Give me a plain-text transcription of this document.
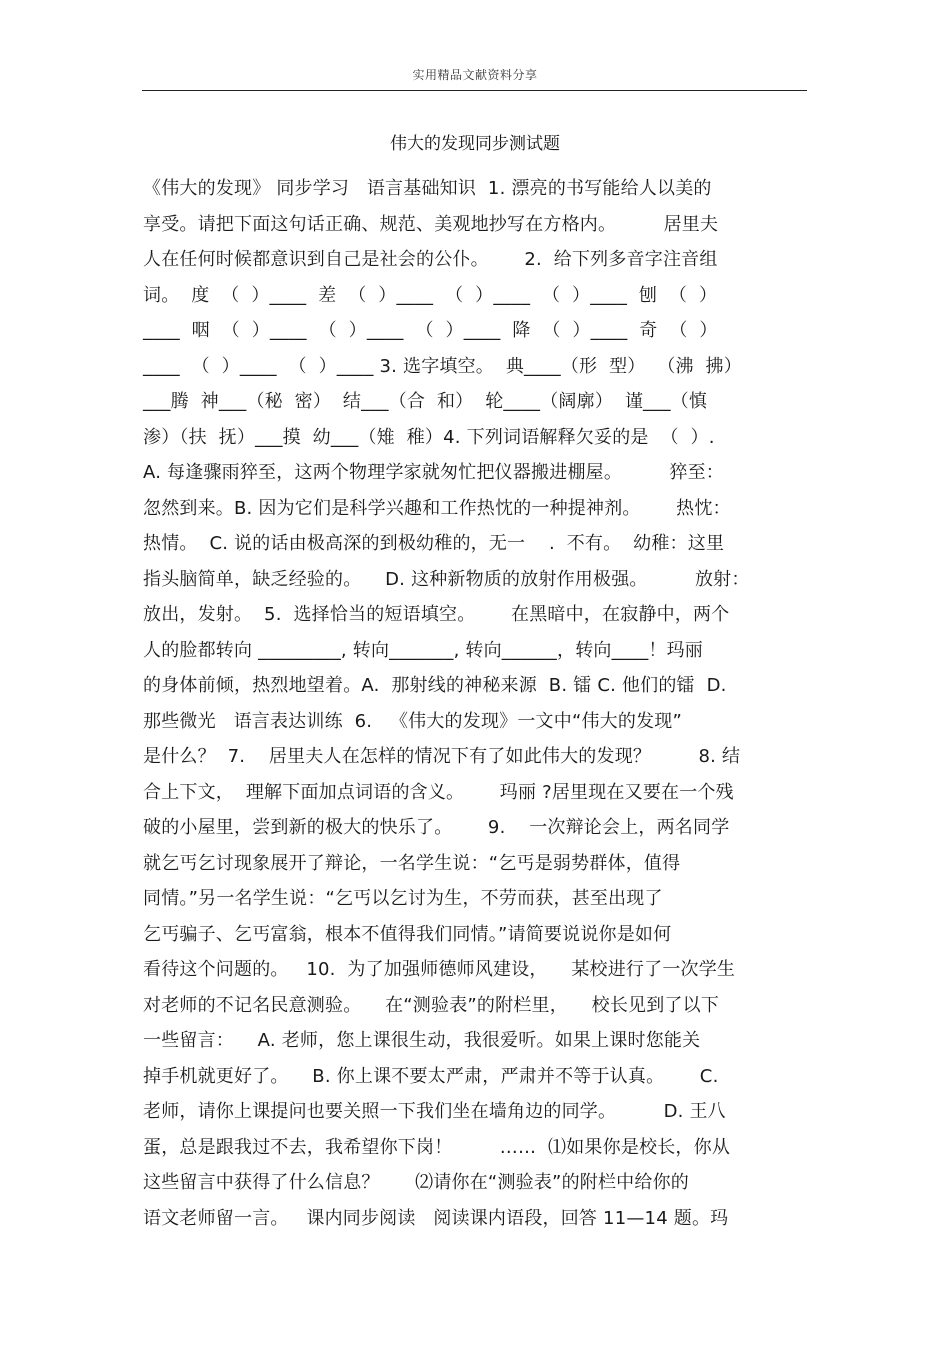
实用精品文献资料分享
伟大的发现同步测试题
《伟大的发现》 同步学习   语言基础知识  1. 漂亮的书写能给人以美的
享受。请把下面这句话正确、规范、美观地抄写在方格内。        居里夫
人在任何时候都意识到自己是社会的公仆。      2.  给下列多音字注音组
词。  度  （  ）____  差  （  ）____  （  ）____  （  ）____  刨  （  ）
____  咽  （  ）____  （  ）____  （  ）____  降  （  ）____  奇  （  ）
____  （  ）____  （  ）____ 3. 选字填空。  典____（形  型）  （沸  拂）
___腾  神___（秘  密）  结___（合  和）  轮____（阔廓）  谨___（慎
渗）（扶  抚）___摸  幼___（雉  稚）4. 下列词语解释欠妥的是  （  ）.
A. 每逢骤雨猝至，这两个物理学家就匆忙把仪器搬进棚屋。        猝至：
忽然到来。B. 因为它们是科学兴趣和工作热忱的一种提神剂。      热忱：
热情。  C. 说的话由极高深的到极幼稚的，无一    .  不有。  幼稚：这里
指头脑简单，缺乏经验的。    D. 这种新物质的放射作用极强。        放射：
放出，发射。  5.  选择恰当的短语填空。      在黑暗中，在寂静中，两个
人的脸都转向 _________, 转向_______, 转向______，转向____！玛丽
的身体前倾，热烈地望着。A.  那射线的神秘来源  B. 镭 C. 他们的镭  D.
那些微光   语言表达训练  6.   《伟大的发现》一文中“伟大的发现”
是什么？  7.    居里夫人在怎样的情况下有了如此伟大的发现？        8. 结
合上下文，  理解下面加点词语的含义。      玛丽 ?居里现在又要在一个残
破的小屋里，尝到新的极大的快乐了。      9.    一次辩论会上，两名同学
就乞丐乞讨现象展开了辩论，一名学生说：“乞丐是弱势群体，值得
同情。”另一名学生说：“乞丐以乞讨为生，不劳而获，甚至出现了
乞丐骗子、乞丐富翁，根本不值得我们同情。”请简要说说你是如何
看待这个问题的。   10.  为了加强师德师风建设，    某校进行了一次学生
对老师的不记名民意测验。    在“测验表”的附栏里，    校长见到了以下
一些留言：    A. 老师，您上课很生动，我很爱听。如果上课时您能关
掉手机就更好了。    B. 你上课不要太严肃，严肃并不等于认真。      C.
老师，请你上课提问也要关照一下我们坐在墙角边的同学。        D. 王八
蛋，总是跟我过不去，我希望你下岗！        ……  ⑴如果你是校长，你从
这些留言中获得了什么信息？      ⑵请你在“测验表”的附栏中给你的
语文老师留一言。   课内同步阅读   阅读课内语段，回答 11—14 题。玛
